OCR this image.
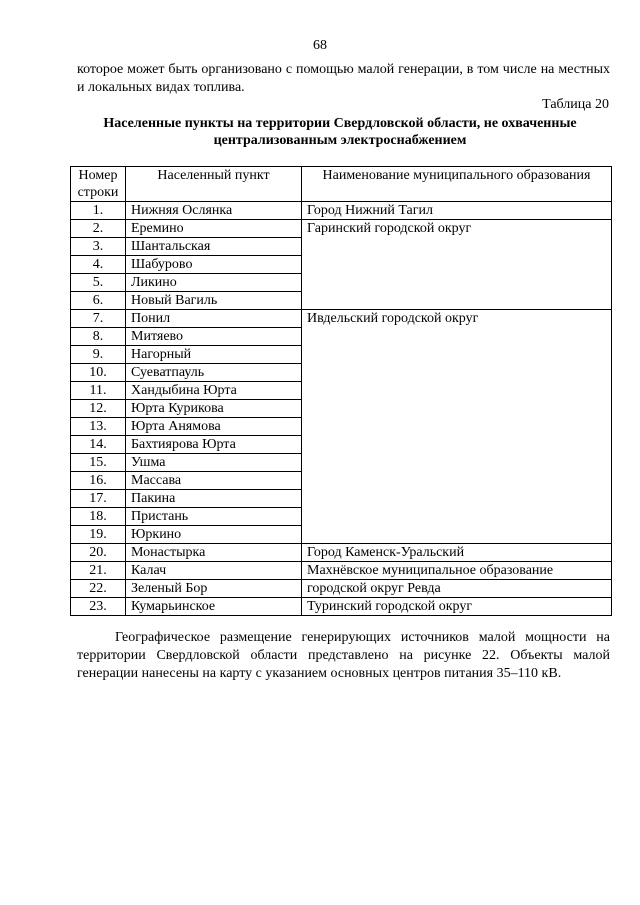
68
которое может быть организовано с помощью малой генерации, в том числе на местных и локальных видах топлива.
Таблица 20
Населенные пункты на территории Свердловской области, не охваченные
централизованным электроснабжением
Номер строки	Населенный пункт	Наименование муниципального образования
1.	Нижняя Ослянка	Город Нижний Тагил
2.	Еремино	Гаринский городской округ
3.	Шантальская	
4.	Шабурово	
5.	Ликино	
6.	Новый Вагиль	
7.	Понил	Ивдельский городской округ
8.	Митяево	
9.	Нагорный	
10.	Суеватпауль	
11.	Хандыбина Юрта	
12.	Юрта Курикова	
13.	Юрта Анямова	
14.	Бахтиярова Юрта	
15.	Ушма	
16.	Массава	
17.	Пакина	
18.	Пристань	
19.	Юркино	
20.	Монастырка	Город Каменск-Уральский
21.	Калач	Махнёвское муниципальное образование
22.	Зеленый Бор	городской округ Ревда
23.	Кумарьинское	Туринский городской округ
Географическое размещение генерирующих источников малой мощности на территории Свердловской области представлено на рисунке 22. Объекты малой генерации нанесены на карту с указанием основных центров питания 35–110 кВ.
